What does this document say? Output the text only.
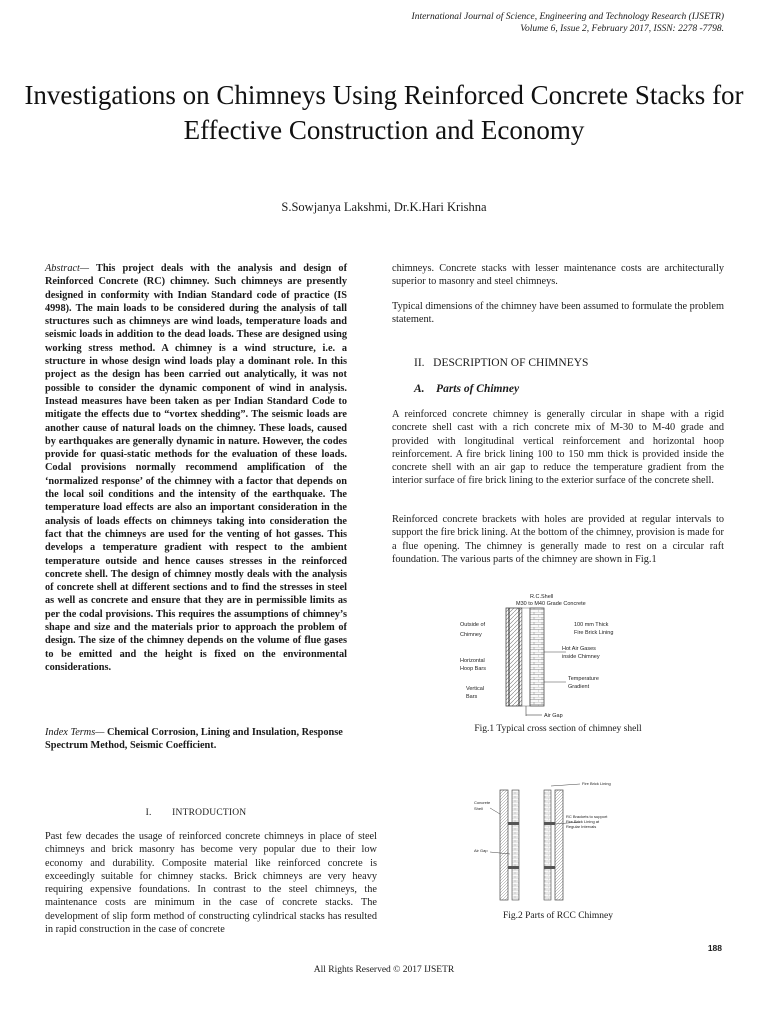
International Journal of Science, Engineering and Technology Research (IJSETR)
Volume 6, Issue 2, February 2017, ISSN: 2278 -7798.
Investigations on Chimneys Using Reinforced Concrete Stacks for Effective Construction and Economy
S.Sowjanya Lakshmi, Dr.K.Hari Krishna
Abstract— This project deals with the analysis and design of Reinforced Concrete (RC) chimney. Such chimneys are presently designed in conformity with Indian Standard code of practice (IS 4998). The main loads to be considered during the analysis of tall structures such as chimneys are wind loads, temperature loads and seismic loads in addition to the dead loads. These are designed using working stress method. A chimney is a wind structure, i.e. a structure in whose design wind loads play a dominant role. In this project as the design has been carried out analytically, it was not possible to consider the dynamic component of wind in analysis. Instead measures have been taken as per Indian Standard Code to mitigate the effects due to “vortex shedding”. The seismic loads are another cause of natural loads on the chimney. These loads, caused by earthquakes are generally dynamic in nature. However, the codes provide for quasi-static methods for the evaluation of these loads. Codal provisions normally recommend amplification of the ‘normalized response’ of the chimney with a factor that depends on the local soil conditions and the intensity of the earthquake. The temperature load effects are also an important consideration in the analysis of loads effects on chimneys taking into consideration the fact that the chimneys are used for the venting of hot gasses. This develops a temperature gradient with respect to the ambient temperature outside and hence causes stresses in the reinforced concrete shell. The design of chimney mostly deals with the analysis of concrete shell at different sections and to find the stresses in steel as well as concrete and ensure that they are in permissible limits as per the codal provisions. This requires the assumptions of chimney’s shape and size and the materials prior to approach the problem of design. The size of the chimney depends on the volume of flue gases to be emitted and the height is fixed on the environmental considerations.
Index Terms— Chemical Corrosion, Lining and Insulation, Response Spectrum Method, Seismic Coefficient.
I.        INTRODUCTION
Past few decades the usage of reinforced concrete chimneys in place of steel chimneys and brick masonry has become very popular due to their low economy and durability. Composite material like reinforced concrete is exceedingly suitable for chimney stacks. Brick chimneys are very heavy requiring expensive foundations. In contrast to the steel chimneys, the maintenance costs are minimum in the case of concrete stacks. The development of slip form method of constructing cylindrical stacks has resulted in rapid construction in the case of concrete
chimneys. Concrete stacks with lesser maintenance costs are architecturally superior to masonry and steel chimneys.
Typical dimensions of the chimney have been assumed to formulate the problem statement.
II.   DESCRIPTION OF CHIMNEYS
A.    Parts of Chimney
A reinforced concrete chimney is generally circular in shape with a rigid concrete shell cast with a rich concrete mix of M-30 to M-40 grade and provided with longitudinal vertical reinforcement and horizontal hoop reinforcement. A fire brick lining 100 to 150 mm thick is provided inside the concrete shell with an air gap to reduce the temperature gradient from the interior surface of fire brick lining to the exterior surface of the concrete shell.
Reinforced concrete brackets with holes are provided at regular intervals to support the fire brick lining. At the bottom of the chimney, provision is made for a flue opening. The chimney is generally made to rest on a circular raft foundation. The various parts of the chimney are shown in Fig.1
R.C.Shell
M30 to M40 Grade Concrete
Outside of
Chimney
100 mm Thick
Fire Brick Lining
Hot Air Gases
inside Chimney
Horizontal
Hoop Bars
Temperature
Gradient
Vertical
Bars
Air Gap
Fig.1 Typical cross section of chimney shell
Fire Brick Lining
Concrete
Shell
RC Brackets to support
Fire Brick Lining at
Regular Intervals
Air Gap
Fig.2 Parts of RCC Chimney
188
All Rights Reserved © 2017 IJSETR
